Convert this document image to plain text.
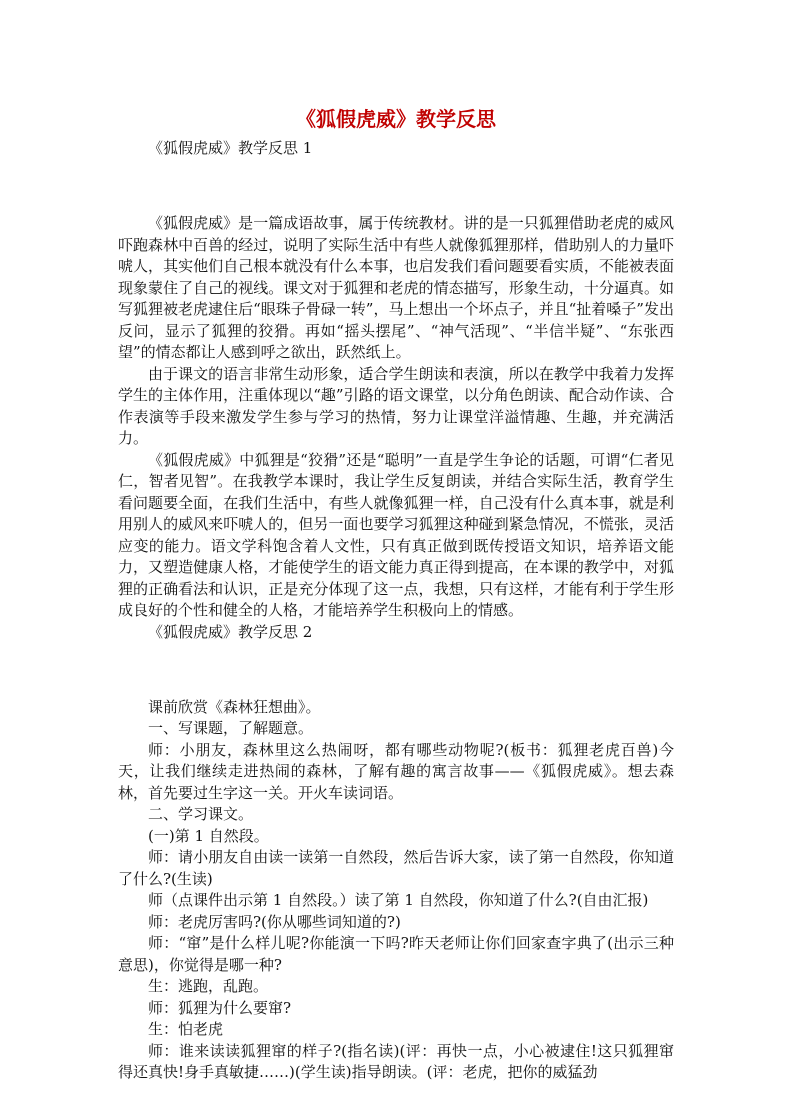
《狐假虎威》教学反思

《狐假虎威》教学反思 1

《狐假虎威》是一篇成语故事，属于传统教材。讲的是一只狐狸借助老虎的威风吓跑森林中百兽的经过，说明了实际生活中有些人就像狐狸那样，借助别人的力量吓唬人，其实他们自己根本就没有什么本事，也启发我们看问题要看实质，不能被表面现象蒙住了自己的视线。课文对于狐狸和老虎的情态描写，形象生动，十分逼真。如写狐狸被老虎逮住后“眼珠子骨碌一转”，马上想出一个坏点子，并且“扯着嗓子”发出反问，显示了狐狸的狡猾。再如“摇头摆尾”、“神气活现”、“半信半疑”、“东张西望”的情态都让人感到呼之欲出，跃然纸上。

由于课文的语言非常生动形象，适合学生朗读和表演，所以在教学中我着力发挥学生的主体作用，注重体现以“趣”引路的语文课堂，以分角色朗读、配合动作读、合作表演等手段来激发学生参与学习的热情，努力让课堂洋溢情趣、生趣，并充满活力。

《狐假虎威》中狐狸是“狡猾”还是“聪明”一直是学生争论的话题，可谓“仁者见仁，智者见智”。在我教学本课时，我让学生反复朗读，并结合实际生活，教育学生看问题要全面，在我们生活中，有些人就像狐狸一样，自己没有什么真本事，就是利用别人的威风来吓唬人的，但另一面也要学习狐狸这种碰到紧急情况，不慌张，灵活应变的能力。语文学科饱含着人文性，只有真正做到既传授语文知识，培养语文能力，又塑造健康人格，才能使学生的语文能力真正得到提高，在本课的教学中，对狐狸的正确看法和认识，正是充分体现了这一点，我想，只有这样，才能有利于学生形成良好的个性和健全的人格，才能培养学生积极向上的情感。

《狐假虎威》教学反思 2

课前欣赏《森林狂想曲》。

一、写课题，了解题意。

师：小朋友，森林里这么热闹呀，都有哪些动物呢?(板书：狐狸老虎百兽)今天，让我们继续走进热闹的森林，了解有趣的寓言故事——《狐假虎威》。想去森林，首先要过生字这一关。开火车读词语。

二、学习课文。

(一)第 1 自然段。

师：请小朋友自由读一读第一自然段，然后告诉大家，读了第一自然段，你知道了什么?(生读)

师（点课件出示第 1 自然段。）读了第 1 自然段，你知道了什么?(自由汇报)

师：老虎厉害吗?(你从哪些词知道的?)

师：“窜”是什么样儿呢?你能演一下吗?昨天老师让你们回家查字典了(出示三种意思)，你觉得是哪一种?

生：逃跑，乱跑。

师：狐狸为什么要窜?

生：怕老虎

师：谁来读读狐狸窜的样子?(指名读)(评：再快一点，小心被逮住!这只狐狸窜得还真快!身手真敏捷……)(学生读)指导朗读。(评：老虎，把你的威猛劲
